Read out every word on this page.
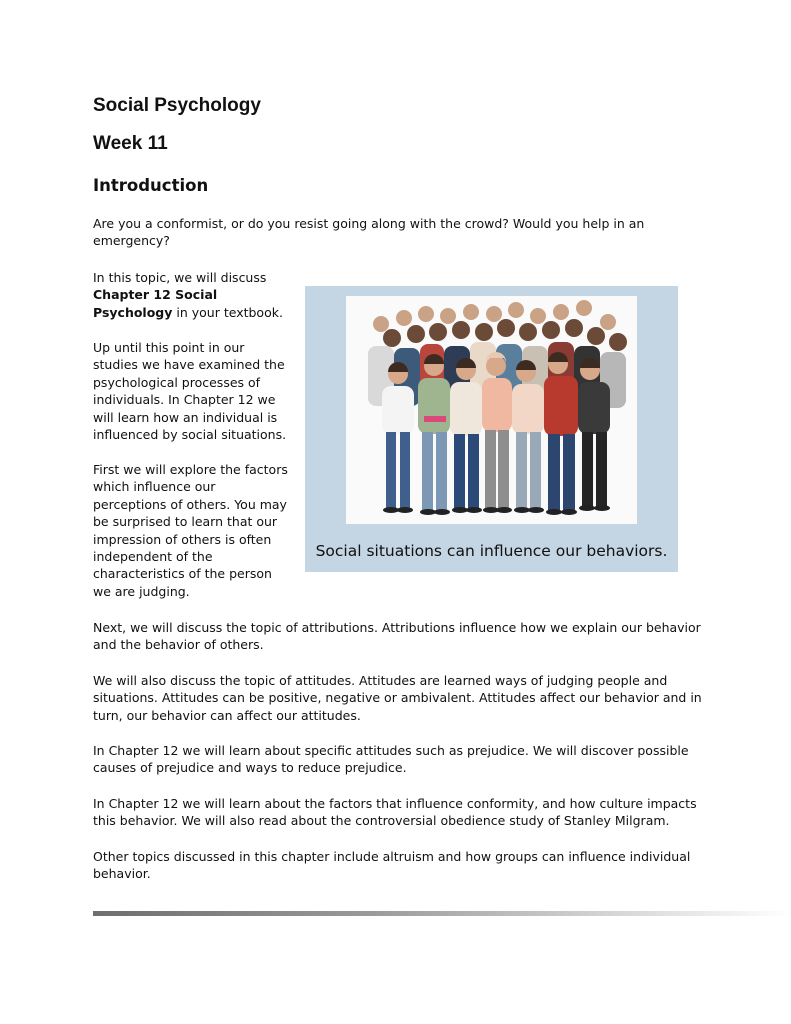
Social Psychology
Week 11
Introduction

Are you a conformist, or do you resist going along with the crowd? Would you help in an emergency?

In this topic, we will discuss Chapter 12 Social Psychology in your textbook.

Up until this point in our studies we have examined the psychological processes of individuals. In Chapter 12 we will learn how an individual is influenced by social situations.

First we will explore the factors which influence our perceptions of others. You may be surprised to learn that our impression of others is often independent of the characteristics of the person we are judging.

Social situations can influence our behaviors.

Next, we will discuss the topic of attributions. Attributions influence how we explain our behavior and the behavior of others.

We will also discuss the topic of attitudes. Attitudes are learned ways of judging people and situations. Attitudes can be positive, negative or ambivalent. Attitudes affect our behavior and in turn, our behavior can affect our attitudes.

In Chapter 12 we will learn about specific attitudes such as prejudice. We will discover possible causes of prejudice and ways to reduce prejudice.

In Chapter 12 we will learn about the factors that influence conformity, and how culture impacts this behavior. We will also read about the controversial obedience study of Stanley Milgram.

Other topics discussed in this chapter include altruism and how groups can influence individual behavior.
